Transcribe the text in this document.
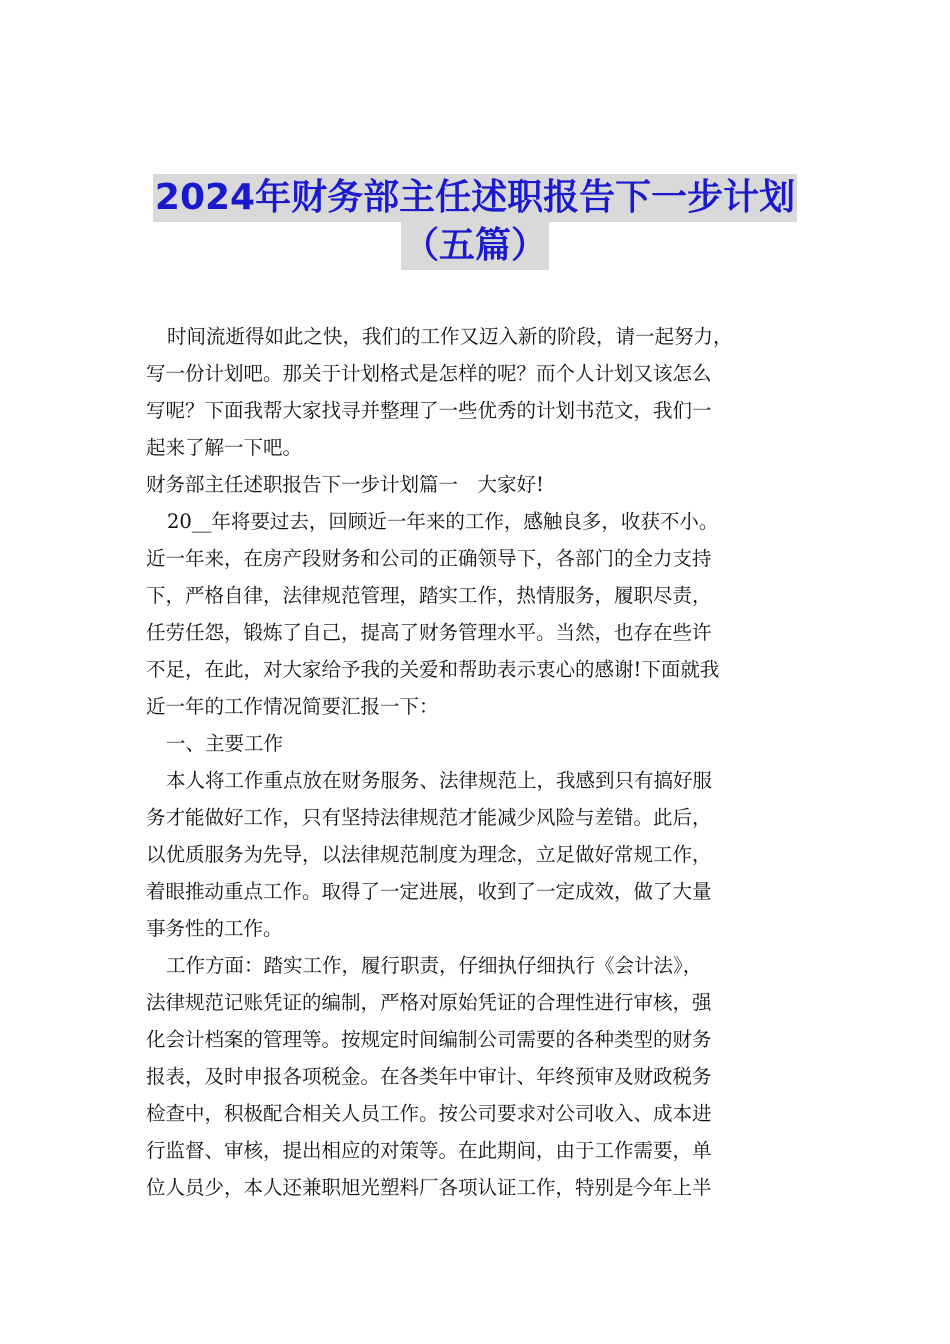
2024年财务部主任述职报告下一步计划
（五篇）
时间流逝得如此之快，我们的工作又迈入新的阶段，请一起努力，
写一份计划吧。那关于计划格式是怎样的呢？而个人计划又该怎么
写呢？下面我帮大家找寻并整理了一些优秀的计划书范文，我们一
起来了解一下吧。
财务部主任述职报告下一步计划篇一　大家好!
20__年将要过去，回顾近一年来的工作，感触良多，收获不小。
近一年来，在房产段财务和公司的正确领导下，各部门的全力支持
下，严格自律，法律规范管理，踏实工作，热情服务，履职尽责，
任劳任怨，锻炼了自己，提高了财务管理水平。当然，也存在些许
不足，在此，对大家给予我的关爱和帮助表示衷心的感谢!下面就我
近一年的工作情况简要汇报一下：
一、主要工作
本人将工作重点放在财务服务、法律规范上，我感到只有搞好服
务才能做好工作，只有坚持法律规范才能减少风险与差错。此后，
以优质服务为先导，以法律规范制度为理念，立足做好常规工作，
着眼推动重点工作。取得了一定进展，收到了一定成效，做了大量
事务性的工作。
工作方面：踏实工作，履行职责，仔细执仔细执行《会计法》，
法律规范记账凭证的编制，严格对原始凭证的合理性进行审核，强
化会计档案的管理等。按规定时间编制公司需要的各种类型的财务
报表，及时申报各项税金。在各类年中审计、年终预审及财政税务
检查中，积极配合相关人员工作。按公司要求对公司收入、成本进
行监督、审核，提出相应的对策等。在此期间，由于工作需要，单
位人员少，本人还兼职旭光塑料厂各项认证工作，特别是今年上半
